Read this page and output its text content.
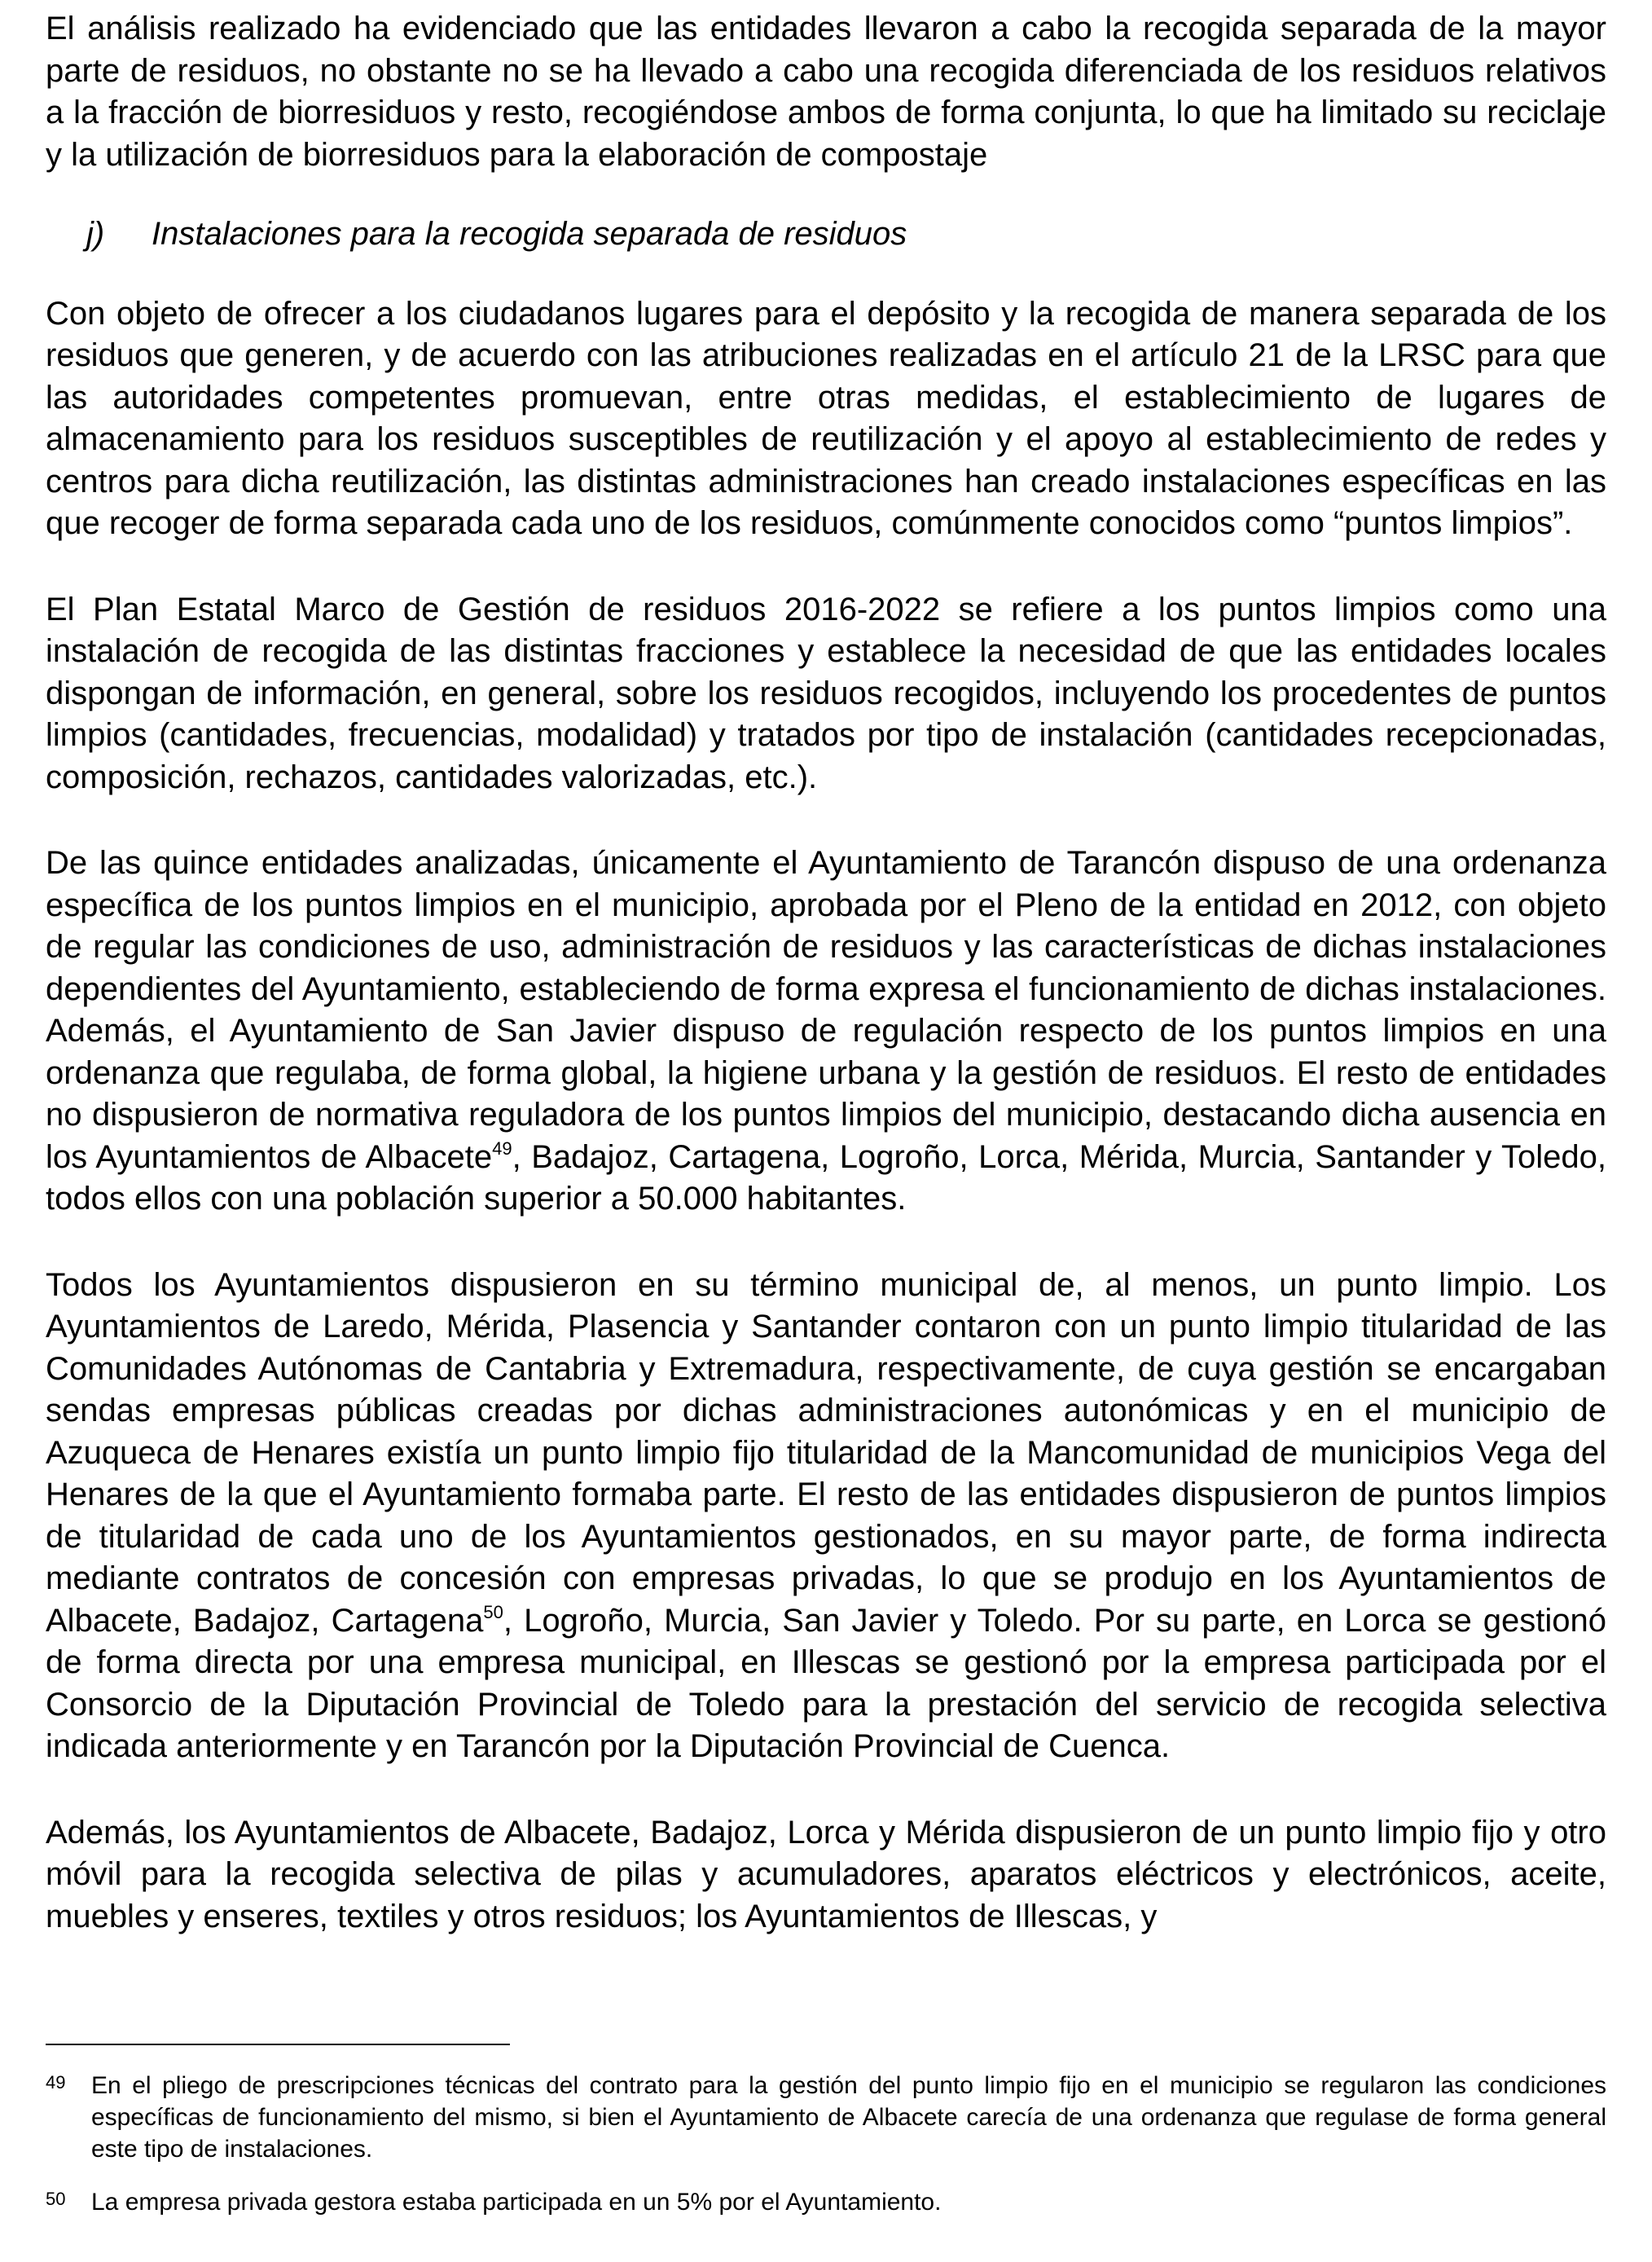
El análisis realizado ha evidenciado que las entidades llevaron a cabo la recogida separada de la mayor parte de residuos, no obstante no se ha llevado a cabo una recogida diferenciada de los residuos relativos a la fracción de biorresiduos y resto, recogiéndose ambos de forma conjunta, lo que ha limitado su reciclaje y la utilización de biorresiduos para la elaboración de compostaje

j) Instalaciones para la recogida separada de residuos

Con objeto de ofrecer a los ciudadanos lugares para el depósito y la recogida de manera separada de los residuos que generen, y de acuerdo con las atribuciones realizadas en el artículo 21 de la LRSC para que las autoridades competentes promuevan, entre otras medidas, el establecimiento de lugares de almacenamiento para los residuos susceptibles de reutilización y el apoyo al establecimiento de redes y centros para dicha reutilización, las distintas administraciones han creado instalaciones específicas en las que recoger de forma separada cada uno de los residuos, comúnmente conocidos como “puntos limpios”.

El Plan Estatal Marco de Gestión de residuos 2016-2022 se refiere a los puntos limpios como una instalación de recogida de las distintas fracciones y establece la necesidad de que las entidades locales dispongan de información, en general, sobre los residuos recogidos, incluyendo los procedentes de puntos limpios (cantidades, frecuencias, modalidad) y tratados por tipo de instalación (cantidades recepcionadas, composición, rechazos, cantidades valorizadas, etc.).

De las quince entidades analizadas, únicamente el Ayuntamiento de Tarancón dispuso de una ordenanza específica de los puntos limpios en el municipio, aprobada por el Pleno de la entidad en 2012, con objeto de regular las condiciones de uso, administración de residuos y las características de dichas instalaciones dependientes del Ayuntamiento, estableciendo de forma expresa el funcionamiento de dichas instalaciones. Además, el Ayuntamiento de San Javier dispuso de regulación respecto de los puntos limpios en una ordenanza que regulaba, de forma global, la higiene urbana y la gestión de residuos. El resto de entidades no dispusieron de normativa reguladora de los puntos limpios del municipio, destacando dicha ausencia en los Ayuntamientos de Albacete$^{49}$, Badajoz, Cartagena, Logroño, Lorca, Mérida, Murcia, Santander y Toledo, todos ellos con una población superior a 50.000 habitantes.

Todos los Ayuntamientos dispusieron en su término municipal de, al menos, un punto limpio. Los Ayuntamientos de Laredo, Mérida, Plasencia y Santander contaron con un punto limpio titularidad de las Comunidades Autónomas de Cantabria y Extremadura, respectivamente, de cuya gestión se encargaban sendas empresas públicas creadas por dichas administraciones autonómicas y en el municipio de Azuqueca de Henares existía un punto limpio fijo titularidad de la Mancomunidad de municipios Vega del Henares de la que el Ayuntamiento formaba parte. El resto de las entidades dispusieron de puntos limpios de titularidad de cada uno de los Ayuntamientos gestionados, en su mayor parte, de forma indirecta mediante contratos de concesión con empresas privadas, lo que se produjo en los Ayuntamientos de Albacete, Badajoz, Cartagena$^{50}$, Logroño, Murcia, San Javier y Toledo. Por su parte, en Lorca se gestionó de forma directa por una empresa municipal, en Illescas se gestionó por la empresa participada por el Consorcio de la Diputación Provincial de Toledo para la prestación del servicio de recogida selectiva indicada anteriormente y en Tarancón por la Diputación Provincial de Cuenca.

Además, los Ayuntamientos de Albacete, Badajoz, Lorca y Mérida dispusieron de un punto limpio fijo y otro móvil para la recogida selectiva de pilas y acumuladores, aparatos eléctricos y electrónicos, aceite, muebles y enseres, textiles y otros residuos; los Ayuntamientos de Illescas, y

49 En el pliego de prescripciones técnicas del contrato para la gestión del punto limpio fijo en el municipio se regularon las condiciones específicas de funcionamiento del mismo, si bien el Ayuntamiento de Albacete carecía de una ordenanza que regulase de forma general este tipo de instalaciones.

50 La empresa privada gestora estaba participada en un 5% por el Ayuntamiento.
